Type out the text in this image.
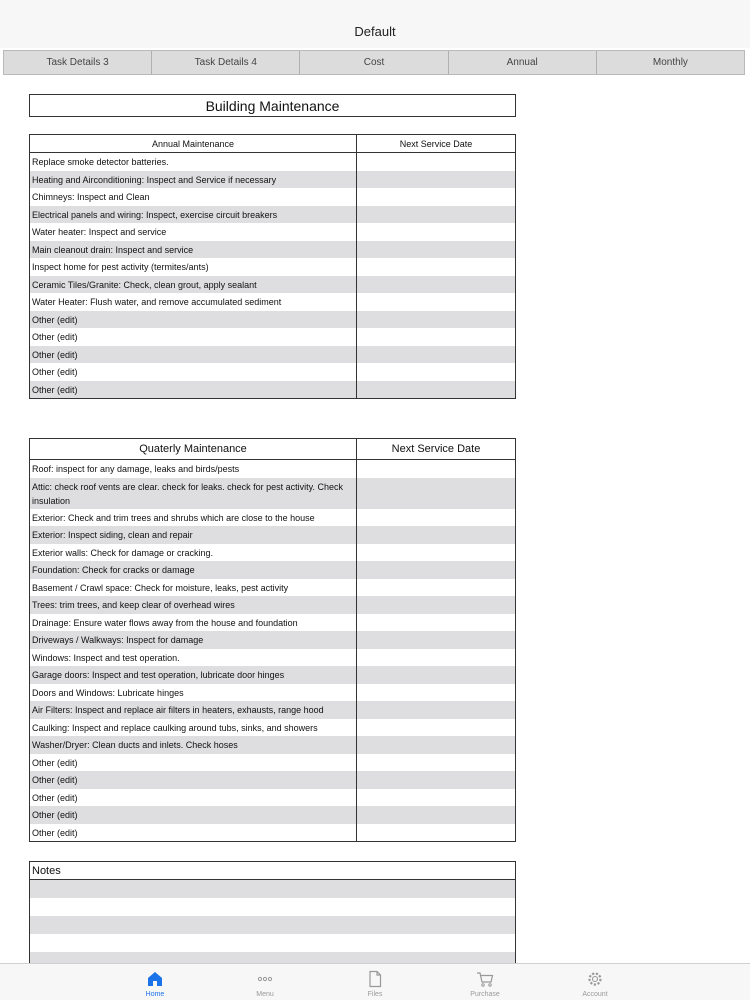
Default
Task Details 3	Task Details 4	Cost	Annual	Monthly
Building Maintenance
Annual Maintenance	Next Service Date
Replace smoke detector batteries.
Heating and Airconditioning: Inspect and Service if necessary
Chimneys: Inspect and Clean
Electrical panels and wiring: Inspect, exercise circuit breakers
Water heater: Inspect and service
Main cleanout drain: Inspect and service
Inspect home for pest activity (termites/ants)
Ceramic Tiles/Granite: Check, clean grout, apply sealant
Water Heater: Flush water, and remove accumulated sediment
Other (edit)
Other (edit)
Other (edit)
Other (edit)
Other (edit)
Quaterly Maintenance	Next Service Date
Roof: inspect for any damage, leaks and birds/pests
Attic: check roof vents are clear. check for leaks. check for pest activity. Check insulation
Exterior: Check and trim trees and shrubs which are close to the house
Exterior: Inspect siding, clean and repair
Exterior walls: Check for damage or cracking.
Foundation: Check for cracks or damage
Basement / Crawl space: Check for moisture, leaks, pest activity
Trees: trim trees, and keep clear of overhead wires
Drainage: Ensure water flows away from the house and foundation
Driveways / Walkways: Inspect for damage
Windows: Inspect and test operation.
Garage doors: Inspect and test operation, lubricate door hinges
Doors and Windows: Lubricate hinges
Air Filters: Inspect and replace air filters in heaters, exhausts, range hood
Caulking: Inspect and replace caulking around tubs, sinks, and showers
Washer/Dryer: Clean ducts and inlets. Check hoses
Other (edit)
Other (edit)
Other (edit)
Other (edit)
Other (edit)
Notes
Home	Menu	Files	Purchase	Account
